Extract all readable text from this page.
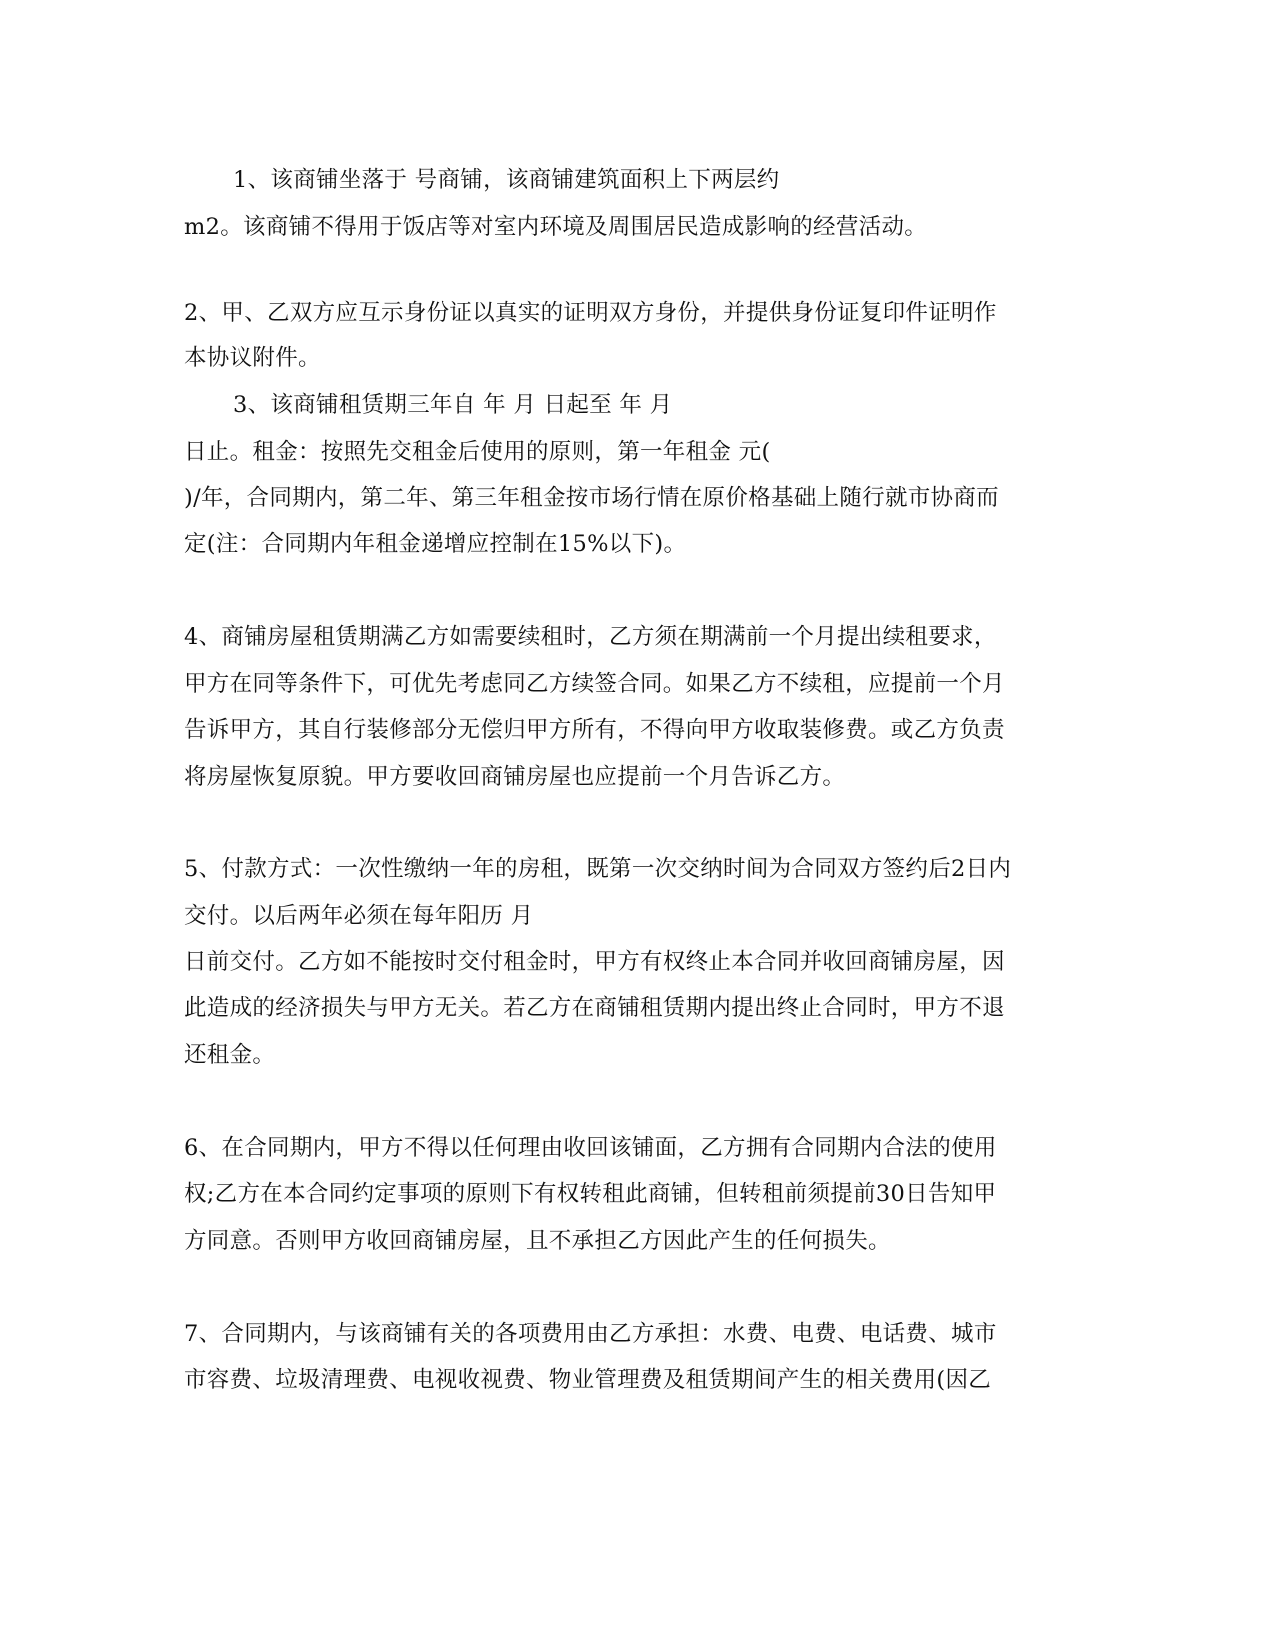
1、该商铺坐落于 号商铺，该商铺建筑面积上下两层约
m2。该商铺不得用于饭店等对室内环境及周围居民造成影响的经营活动。
2、甲、乙双方应互示身份证以真实的证明双方身份，并提供身份证复印件证明作
本协议附件。
3、该商铺租赁期三年自 年 月 日起至 年 月
日止。租金：按照先交租金后使用的原则，第一年租金 元(
)/年，合同期内，第二年、第三年租金按市场行情在原价格基础上随行就市协商而
定(注：合同期内年租金递增应控制在15%以下)。
4、商铺房屋租赁期满乙方如需要续租时，乙方须在期满前一个月提出续租要求，
甲方在同等条件下，可优先考虑同乙方续签合同。如果乙方不续租，应提前一个月
告诉甲方，其自行装修部分无偿归甲方所有，不得向甲方收取装修费。或乙方负责
将房屋恢复原貌。甲方要收回商铺房屋也应提前一个月告诉乙方。
5、付款方式：一次性缴纳一年的房租，既第一次交纳时间为合同双方签约后2日内
交付。以后两年必须在每年阳历 月
日前交付。乙方如不能按时交付租金时，甲方有权终止本合同并收回商铺房屋，因
此造成的经济损失与甲方无关。若乙方在商铺租赁期内提出终止合同时，甲方不退
还租金。
6、在合同期内，甲方不得以任何理由收回该铺面，乙方拥有合同期内合法的使用
权;乙方在本合同约定事项的原则下有权转租此商铺，但转租前须提前30日告知甲
方同意。否则甲方收回商铺房屋，且不承担乙方因此产生的任何损失。
7、合同期内，与该商铺有关的各项费用由乙方承担：水费、电费、电话费、城市
市容费、垃圾清理费、电视收视费、物业管理费及租赁期间产生的相关费用(因乙
